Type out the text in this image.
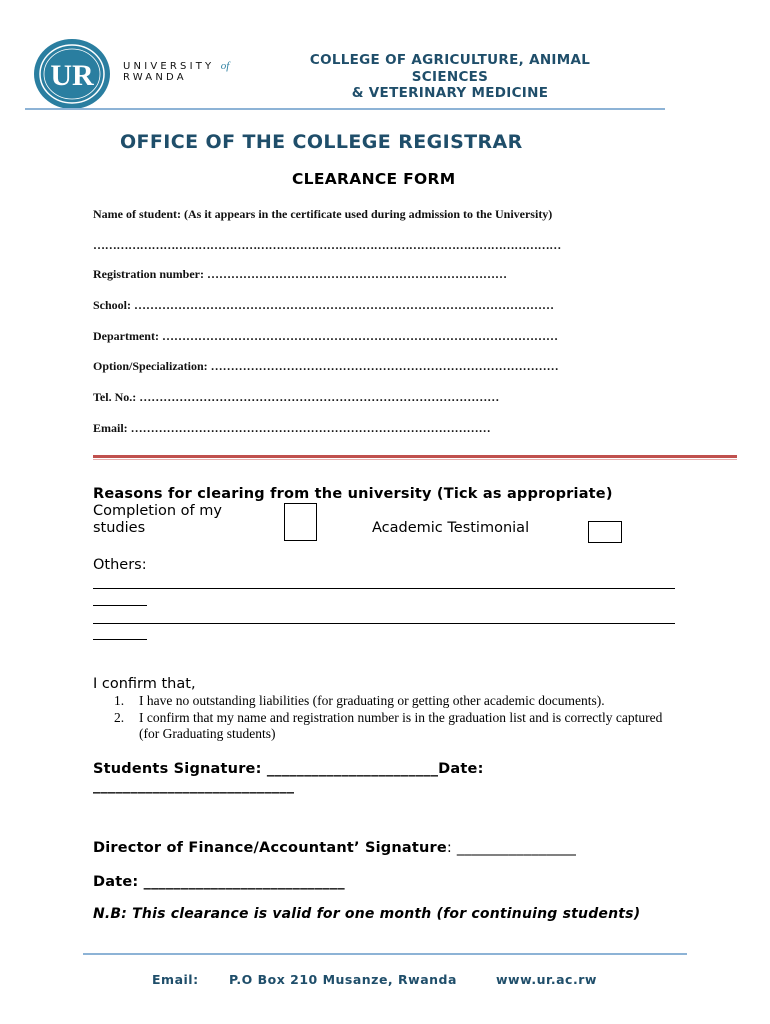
UR	UNIVERSITY of
RWANDA
COLLEGE OF AGRICULTURE, ANIMAL
SCIENCES
& VETERINARY MEDICINE
OFFICE OF THE COLLEGE REGISTRAR
CLEARANCE FORM
Name of student: (As it appears in the certificate used during admission to the University)
…………………………………………………………………………………………………………
Registration number: …………………………………………………………………
School: ……………………………………………………………………………………………
Department: ………………………………………………………………………………………
Option/Specialization: ……………………………………………………………………………
Tel. No.: ………………………………………………………………………………
Email: ………………………………………………………………………………
Reasons for clearing from the university (Tick as appropriate)
Completion of my studies	Academic Testimonial
Others:
I confirm that,
1. I have no outstanding liabilities (for graduating or getting other academic documents).
2. I confirm that my name and registration number is in the graduation list and is correctly captured (for Graduating students)
Students Signature: _______________________Date:
___________________________
Director of Finance/Accountant’ Signature: ________________
Date: ___________________________
N.B: This clearance is valid for one month (for continuing students)
Email: P.O Box 210 Musanze, Rwanda	www.ur.ac.rw
